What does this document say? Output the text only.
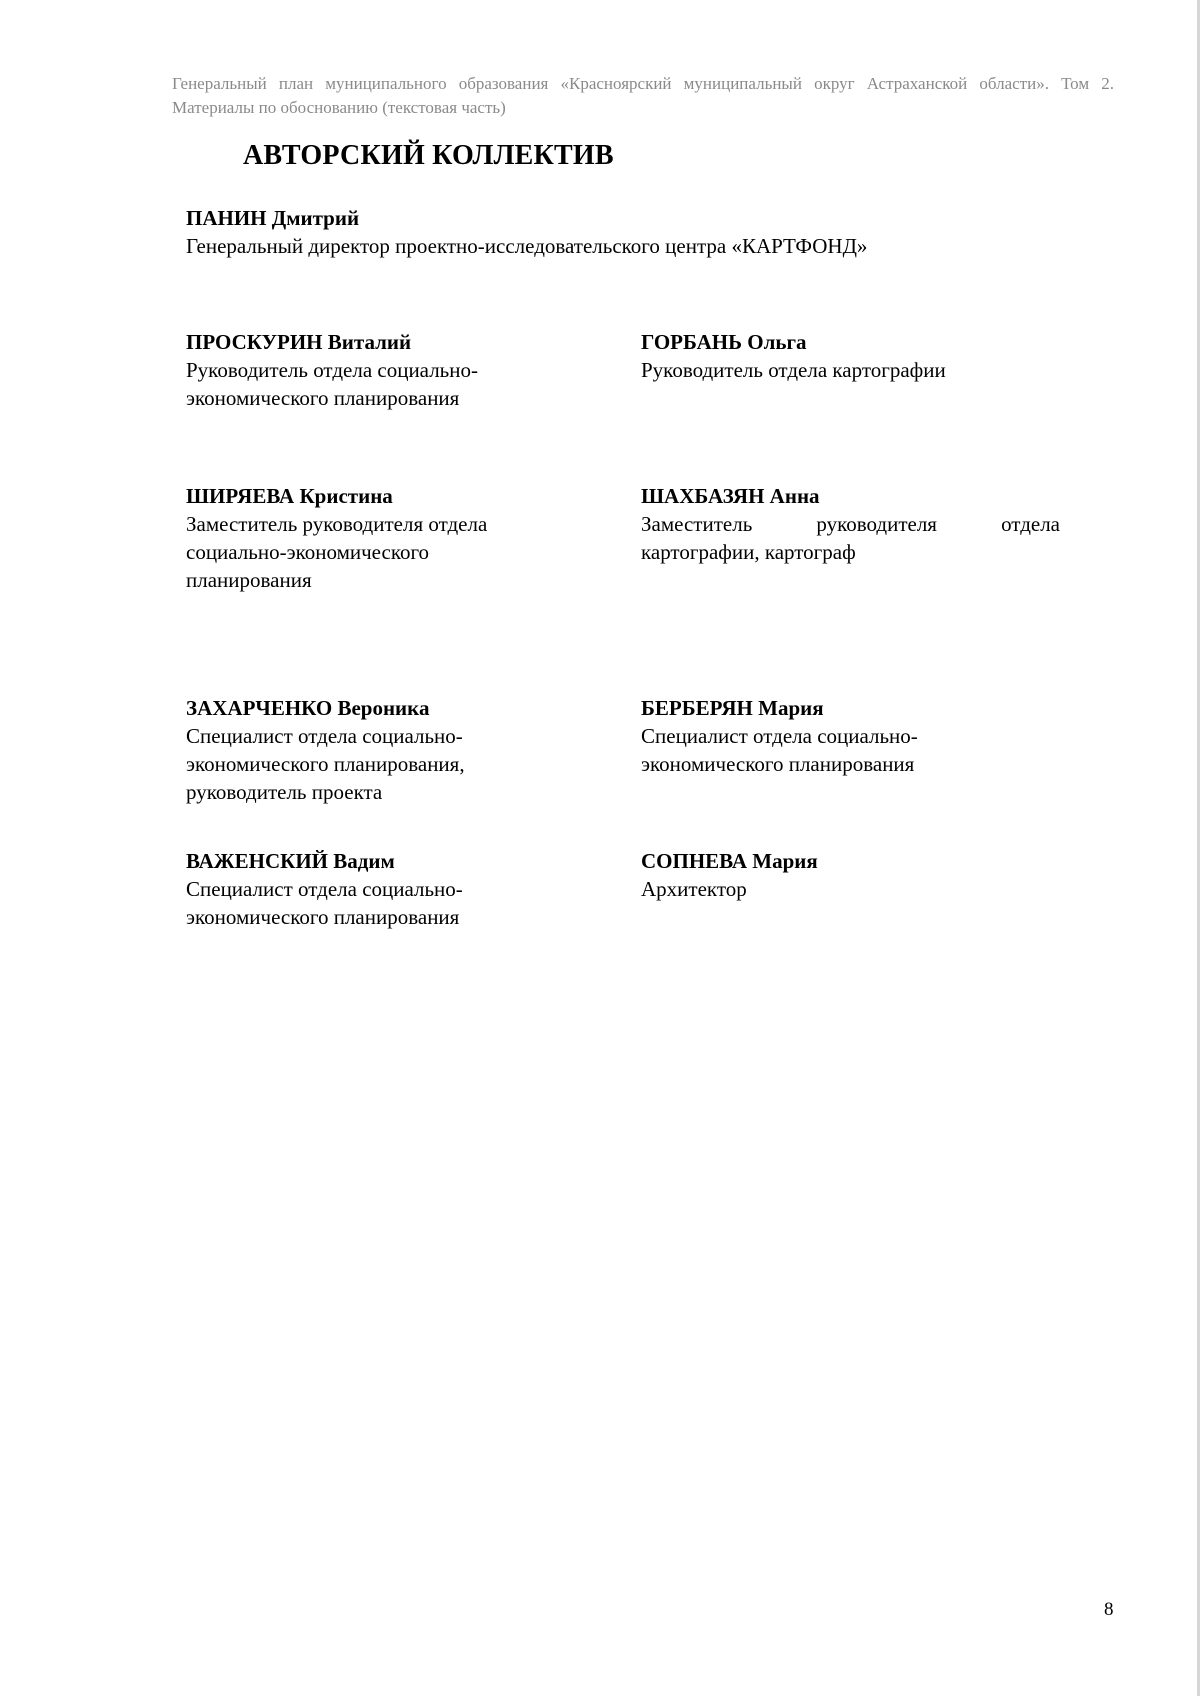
Генеральный план муниципального образования «Красноярский муниципальный округ Астраханской области». Том 2. Материалы по обоснованию (текстовая часть)
АВТОРСКИЙ КОЛЛЕКТИВ
ПАНИН Дмитрий
Генеральный директор проектно-исследовательского центра «КАРТФОНД»
ПРОСКУРИН Виталий
Руководитель отдела социально-
экономического планирования
ГОРБАНЬ Ольга
Руководитель отдела картографии
ШИРЯЕВА Кристина
Заместитель руководителя отдела
социально-экономического
планирования
ШАХБАЗЯН Анна
Заместитель руководителя отдела картографии, картограф
ЗАХАРЧЕНКО Вероника
Специалист отдела социально-
экономического планирования,
руководитель проекта
БЕРБЕРЯН Мария
Специалист отдела социально-
экономического планирования
ВАЖЕНСКИЙ Вадим
Специалист отдела социально-
экономического планирования
СОПНЕВА Мария
Архитектор
8
